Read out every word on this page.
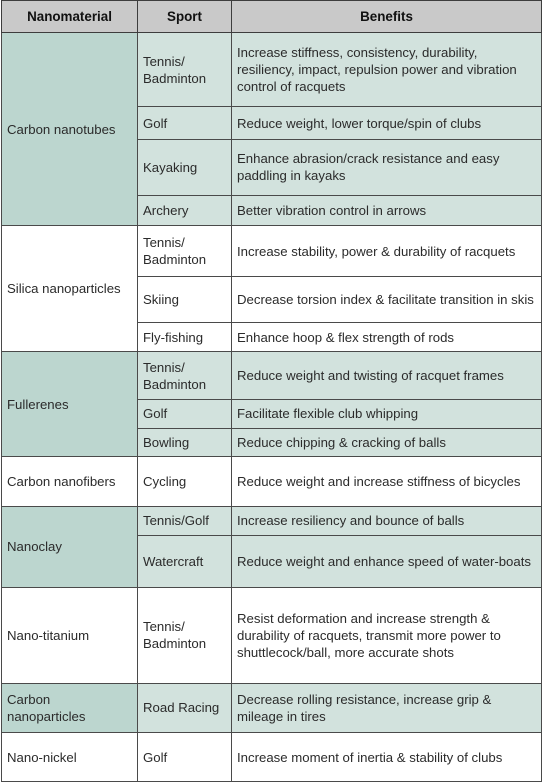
Nanomaterial	Sport	Benefits
Carbon nanotubes	Tennis/ Badminton	Increase stiffness, consistency, durability, resiliency, impact, repulsion power and vibration control of racquets
	Golf	Reduce weight, lower torque/spin of clubs
	Kayaking	Enhance abrasion/crack resistance and easy paddling in kayaks
	Archery	Better vibration control in arrows
Silica nanoparticles	Tennis/ Badminton	Increase stability, power & durability of racquets
	Skiing	Decrease torsion index & facilitate transition in skis
	Fly-fishing	Enhance hoop & flex strength of rods
Fullerenes	Tennis/ Badminton	Reduce weight and twisting of racquet frames
	Golf	Facilitate flexible club whipping
	Bowling	Reduce chipping & cracking of balls
Carbon nanofibers	Cycling	Reduce weight and increase stiffness of bicycles
Nanoclay	Tennis/Golf	Increase resiliency and bounce of balls
	Watercraft	Reduce weight and enhance speed of water-boats
Nano-titanium	Tennis/ Badminton	Resist deformation and increase strength & durability of racquets, transmit more power to shuttlecock/ball, more accurate shots
Carbon nanoparticles	Road Racing	Decrease rolling resistance, increase grip & mileage in tires
Nano-nickel	Golf	Increase moment of inertia & stability of clubs
